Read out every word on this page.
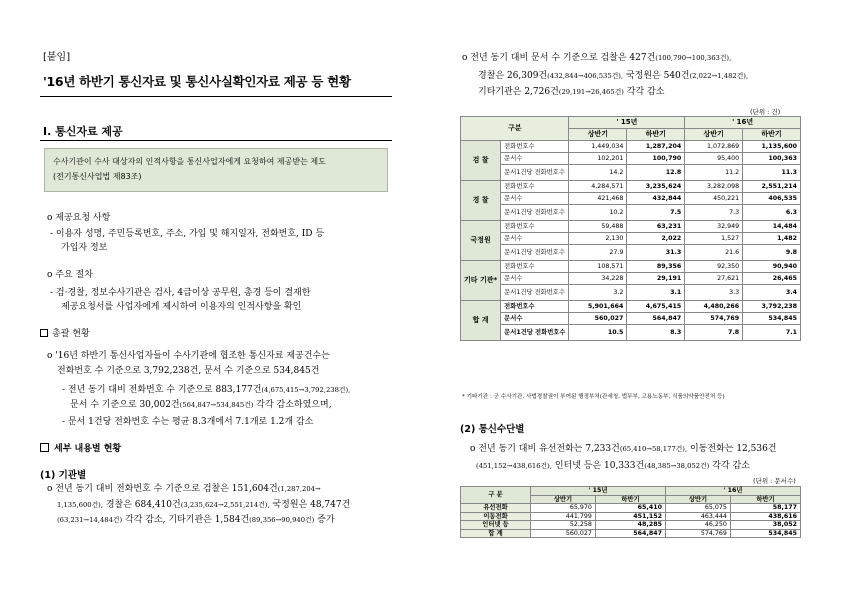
[붙임]
'16년 하반기 통신자료 및 통신사실확인자료 제공 등 현황
Ⅰ. 통신자료 제공
수사기관이 수사 대상자의 인적사항을 통신사업자에게 요청하여 제공받는 제도
(전기통신사업법 제83조)
o 제공요청 사항
- 이용자 성명, 주민등록번호, 주소, 가입 및 해지일자, 전화번호, ID 등
가입자 정보
o 주요 절차
- 검·경찰, 정보수사기관은 검사, 4급이상 공무원, 총경 등이 결재한
제공요청서를 사업자에게 제시하여 이용자의 인적사항을 확인
총괄 현황
o '16년 하반기 통신사업자들이 수사기관에 협조한 통신자료 제공건수는
전화번호 수 기준으로 3,792,238건, 문서 수 기준으로 534,845건
- 전년 동기 대비 전화번호 수 기준으로 883,177건(4,675,415→3,792,238건),
문서 수 기준으로 30,002건(564,847→534,845건) 각각 감소하였으며,
- 문서 1건당 전화번호 수는 평균 8.3개에서 7.1개로 1.2개 감소
세부 내용별 현황
(1) 기관별
o 전년 동기 대비 전화번호 수 기준으로 검찰은 151,604건(1,287,204→
1,135,600건), 경찰은 684,410건(3,235,624→2,551,214건), 국정원은 48,747건
(63,231→14,484건) 각각 감소, 기타기관은 1,584건(89,356→90,940건) 증가
o 전년 동기 대비 문서 수 기준으로 검찰은 427건(100,790→100,363건),
경찰은 26,309건(432,844→406,535건), 국정원은 540건(2,022→1,482건),
기타기관은 2,726건(29,191→26,465건) 각각 감소
(단위 : 건)
구분		' 15년		' 16년	
		상반기	하반기	상반기	하반기
검 찰	전화번호수	1,449,034	1,287,204	1,072,869	1,135,600
	문서수	102,201	100,790	95,400	100,363
	문서1건당 전화번호수	14.2	12.8	11.2	11.3
경 찰	전화번호수	4,284,571	3,235,624	3,282,098	2,551,214
	문서수	421,468	432,844	450,221	406,535
	문서1건당 전화번호수	10.2	7.5	7.3	6.3
국정원	전화번호수	59,488	63,231	32,949	14,484
	문서수	2,130	2,022	1,527	1,482
	문서1건당 전화번호수	27.9	31.3	21.6	9.8
기타 기관*	전화번호수	108,571	89,356	92,350	90,940
	문서수	34,228	29,191	27,621	26,465
	문서1건당 전화번호수	3.2	3.1	3.3	3.4
합 계	전화번호수	5,901,664	4,675,415	4,480,266	3,792,238
	문서수	560,027	564,847	574,769	534,845
	문서1건당 전화번호수	10.5	8.3	7.8	7.1
* 기타기관 : 군 수사기관, 사법경찰권이 부여된 행정부처(관세청, 법무부, 고용노동부, 식품의약품안전처 등)
(2) 통신수단별
o 전년 동기 대비 유선전화는 7,233건(65,410→58,177건), 이동전화는 12,536건
(451,152→438,616건), 인터넷 등은 10,333건(48,385→38,052건) 각각 감소
(단위 : 문서수)
구 분	' 15년		' 16년	
	상반기	하반기	상반기	하반기
유선전화	65,970	65,410	65,075	58,177
이동전화	441,799	451,152	463,444	438,616
인터넷 등	52,258	48,285	46,250	38,052
합 계	560,027	564,847	574,769	534,845
